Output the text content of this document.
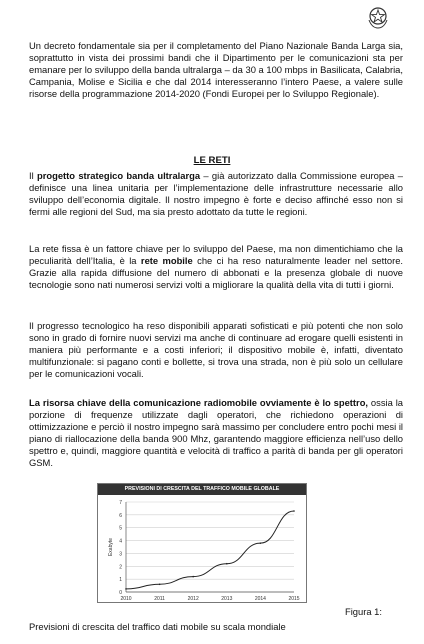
Un decreto fondamentale sia per il completamento del Piano Nazionale Banda Larga sia, soprattutto in vista dei prossimi bandi che il Dipartimento per le comunicazioni sta per emanare per lo sviluppo della banda ultralarga – da 30 a 100 mbps in Basilicata, Calabria, Campania, Molise e Sicilia e che dal 2014 interesseranno l’intero Paese, a valere sulle risorse della programmazione 2014-2020 (Fondi Europei per lo Sviluppo Regionale).

LE RETI

Il progetto strategico banda ultralarga – già autorizzato dalla Commissione europea – definisce una linea unitaria per l’implementazione delle infrastrutture necessarie allo sviluppo dell’economia digitale. Il nostro impegno è forte e deciso affinché esso non si fermi alle regioni del Sud, ma sia presto adottato da tutte le regioni.

La rete fissa è un fattore chiave per lo sviluppo del Paese, ma non dimentichiamo che la peculiarità dell’Italia, è la rete mobile che ci ha reso naturalmente leader nel settore. Grazie alla rapida diffusione del numero di abbonati e la presenza globale di nuove tecnologie sono nati numerosi servizi volti a migliorare la qualità della vita di tutti i giorni.

Il progresso tecnologico ha reso disponibili apparati sofisticati e più potenti che non solo sono in grado di fornire nuovi servizi ma anche di continuare ad erogare quelli esistenti in maniera più performante e a costi inferiori; il dispositivo mobile è, infatti, diventato multifunzionale: si pagano conti e bollette, si trova una strada, non è più solo un cellulare per le comunicazioni vocali.

La risorsa chiave della comunicazione radiomobile ovviamente è lo spettro, ossia la porzione di frequenze utilizzate dagli operatori, che richiedono operazioni di ottimizzazione e perciò il nostro impegno sarà massimo per concludere entro pochi mesi il piano di riallocazione della banda 900 Mhz, garantendo maggiore efficienza nell’uso dello spettro e, quindi, maggiore quantità e velocità di traffico a parità di banda per gli operatori GSM.

PREVISIONI DI CRESCITA DEL TRAFFICO MOBILE GLOBALE

0
1
2
3
4
5
6
7
2010	2011	2012	2013	2014	2015
Exabyte

Figura 1:

Previsioni di crescita del traffico dati mobile su scala mondiale
